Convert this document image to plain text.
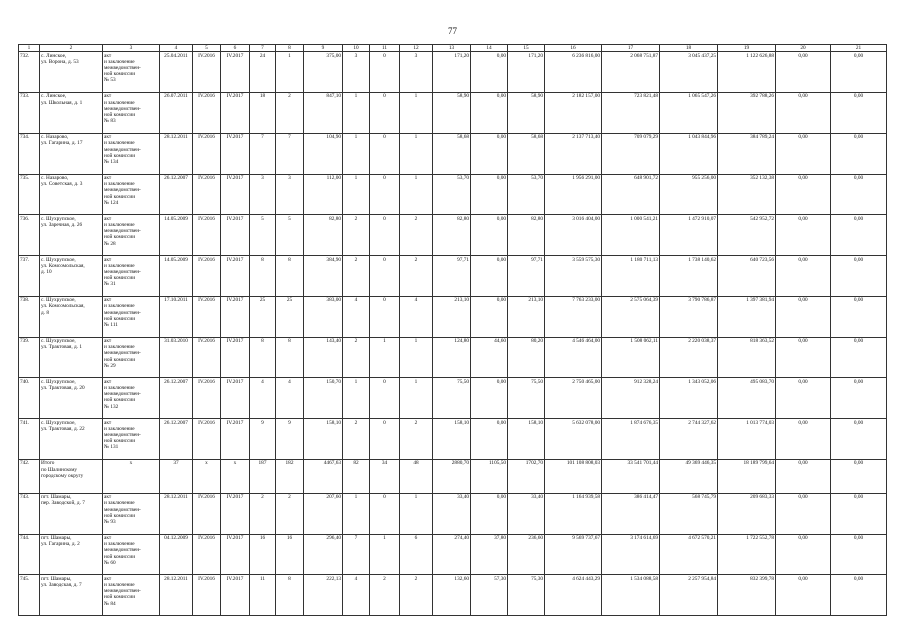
77
1	2	3	4	5	6	7	8	9	10	11	12	13	14	15	16	17	18	19	20	21
732.	с. Линское,
ул. Ворона, д. 53	акт
и заключение
межведомствен-
ной комиссии
№ 53	25.04.2011	IV.2016	IV.2017	24	1	375,00	3	0	3	171,20	0,00	171,20	6 236 816,00	2 068 751,87	3 045 437,25	1 122 626,88	0,00	0,00
733.	с. Линское,
ул. Школьная, д. 1	акт
и заключение
межведомствен-
ной комиссии
№ 83	26.07.2011	IV.2016	IV.2017	18	2	847,10	1	0	1	58,90	0,00	58,90	2 182 157,00	723 821,48	1 065 547,26	392 788,26	0,00	0,00
734.	с. Назарово,
ул. Гагарина, д. 17	акт
и заключение
межведомствен-
ной комиссии
№ 134	28.12.2011	IV.2016	IV.2017	7	7	104,90	1	0	1	58,68	0,00	58,68	2 137 713,40	709 079,29	1 043 844,96	384 789,24	0,00	0,00
735.	с. Назарово,
ул. Советская, д. 3	акт
и заключение
межведомствен-
ной комиссии
№ 124	26.12.2007	IV.2016	IV.2017	3	3	112,00	1	0	1	53,70	0,00	53,70	1 956 291,00	648 901,72	955 256,00	352 132,38	0,00	0,00
736.	с. Шухрупское,
ул. Заречная, д. 26	акт
и заключение
межведомствен-
ной комиссии
№ 28	14.05.2009	IV.2016	IV.2017	5	5	82,80	2	0	2	82,80	0,00	82,80	3 016 404,00	1 000 541,21	1 472 910,07	542 952,72	0,00	0,00
737.	с. Шухрупское,
ул. Комсомольская,
д. 10	акт
и заключение
межведомствен-
ной комиссии
№ 31	14.05.2009	IV.2016	IV.2017	8	8	384,90	2	0	2	97,71	0,00	97,71	3 559 575,30	1 180 711,13	1 738 140,62	640 723,56	0,00	0,00
738.	с. Шухрупское,
ул. Комсомольская,
д. 8	акт
и заключение
межведомствен-
ной комиссии
№ 111	17.10.2011	IV.2016	IV.2017	25	25	383,00	4	0	4	213,10	0,00	213,10	7 763 233,00	2 575 064,39	3 790 786,87	1 397 381,94	0,00	0,00
739.	с. Шухрупское,
ул. Трактовая, д. 1	акт
и заключение
межведомствен-
ной комиссии
№ 29	31.03.2010	IV.2016	IV.2017	8	8	143,40	2	1	1	124,80	44,60	80,20	4 546 464,00	1 508 062,11	2 220 038,37	818 363,52	0,00	0,00
740.	с. Шухрупское,
ул. Трактовая, д. 20	акт
и заключение
межведомствен-
ной комиссии
№ 132	26.12.2007	IV.2016	IV.2017	4	4	150,70	1	0	1	75,50	0,00	75,50	2 750 465,00	912 328,24	1 343 052,06	495 083,70	0,00	0,00
741.	с. Шухрупское,
ул. Трактовая, д. 22	акт
и заключение
межведомствен-
ной комиссии
№ 131	26.12.2007	IV.2016	IV.2017	9	9	158,10	2	0	2	158,10	0,00	158,10	5 632 078,00	1 874 676,35	2 744 327,62	1 013 774,03	0,00	0,00
742.	Итого
по Шалинскому
городскому округу	х	37	х	х	187	182	4467,63	82	34	48	2880,70	1105,50	1702,70	101 108 808,03	33 541 701,44	49 369 446,35	18 189 799,64	0,00	0,00
743.	пгт. Шамары,
пер. Заводской, д. 7	акт
и заключение
межведомствен-
ной комиссии
№ 93	28.12.2011	IV.2016	IV.2017	2	2	207,60	1	0	1	33,40	0,00	33,40	1 164 939,58	386 414,47	568 745,79	209 683,33	0,00	0,00
744.	пгт. Шамары,
ул. Гагарина, д. 2	акт
и заключение
межведомствен-
ной комиссии
№ 60	04.12.2009	IV.2016	IV.2017	16	16	296,40	7	1	6	274,40	37,80	236,60	9 569 737,67	3 174 614,69	4 672 570,21	1 722 552,78	0,00	0,00
745.	пгт. Шамары,
ул. Заводская, д. 7	акт
и заключение
межведомствен-
ной комиссии
№ 84	28.12.2011	IV.2016	IV.2017	11	8	222,13	4	2	2	132,60	57,30	75,30	4 624 443,29	1 534 088,58	2 257 954,84	832 399,78	0,00	0,00
